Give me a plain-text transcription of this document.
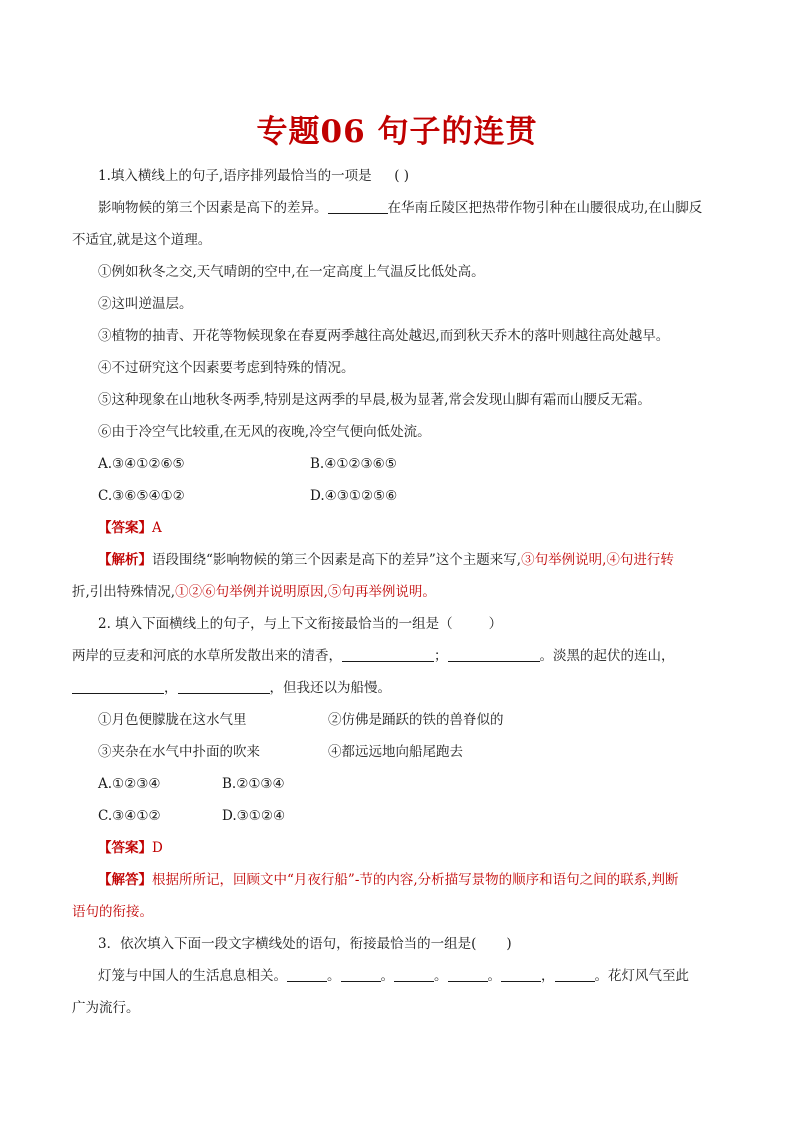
专题06 句子的连贯
1.填入横线上的句子,语序排列最恰当的一项是 ( )
影响物候的第三个因素是高下的差异。	在华南丘陵区把热带作物引种在山腰很成功,在山脚反
不适宜,就是这个道理。
①例如秋冬之交,天气晴朗的空中,在一定高度上气温反比低处高。
②这叫逆温层。
③植物的抽青、开花等物候现象在春夏两季越往高处越迟,而到秋天乔木的落叶则越往高处越早。
④不过研究这个因素要考虑到特殊的情况。
⑤这种现象在山地秋冬两季,特别是这两季的早晨,极为显著,常会发现山脚有霜而山腰反无霜。
⑥由于冷空气比较重,在无风的夜晚,冷空气便向低处流。
A.③④①②⑥⑤	B.④①②③⑥⑤
C.③⑥⑤④①②	D.④③①②⑤⑥
【答案】A
【解析】语段围绕“影响物候的第三个因素是高下的差异”这个主题来写,③句举例说明,④句进行转
折,引出特殊情况,①②⑥句举例并说明原因,⑤句再举例说明。
2. 填入下面横线上的句子，与上下文衔接最恰当的一组是（	）
两岸的豆麦和河底的水草所发散出来的清香，	；	。淡黑的起伏的连山，
，	，但我还以为船慢。
①月色便朦胧在这水气里	②仿佛是踊跃的铁的兽脊似的
③夹杂在水气中扑面的吹来	④都远远地向船尾跑去
A.①②③④	B.②①③④
C.③④①②	D.③①②④
【答案】D
【解答】根据所所记，回顾文中“月夜行船”-节的内容,分析描写景物的顺序和语句之间的联系,判断
语句的衔接。
3．依次填入下面一段文字横线处的语句，衔接最恰当的一组是( )
灯笼与中国人的生活息息相关。	。	。	。	。	，	。花灯风气至此
广为流行。
